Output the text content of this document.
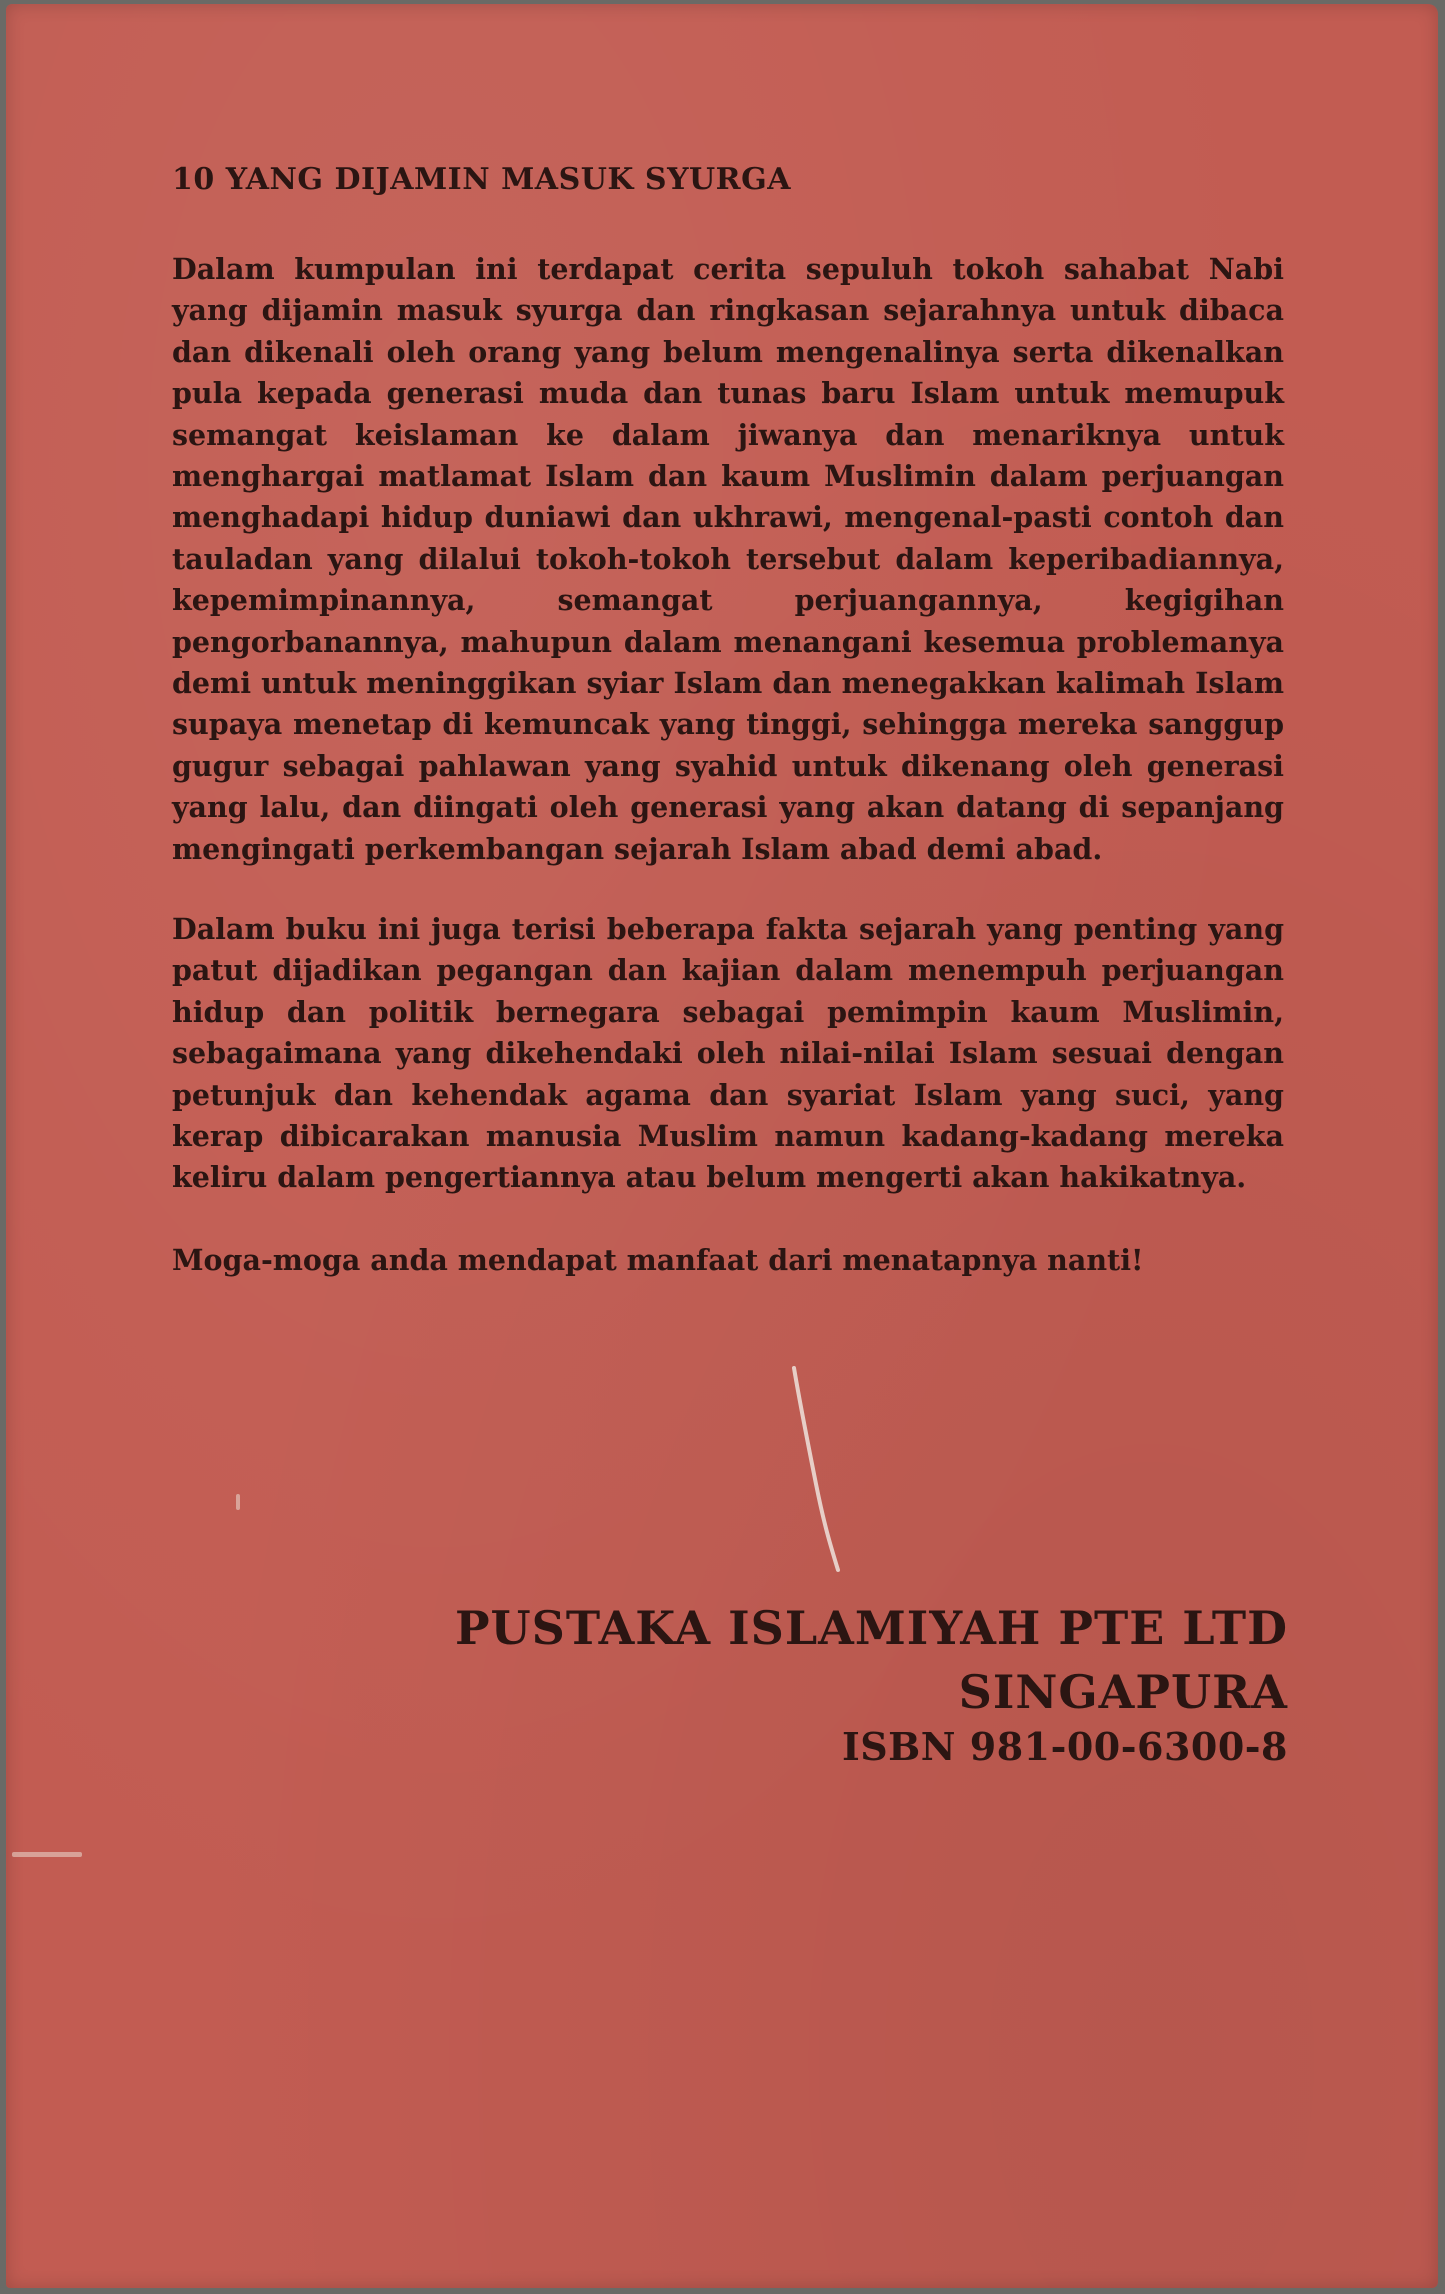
10 YANG DIJAMIN MASUK SYURGA

Dalam kumpulan ini terdapat cerita sepuluh tokoh sahabat Nabi yang dijamin masuk syurga dan ringkasan sejarahnya untuk dibaca dan dikenali oleh orang yang belum mengenalinya serta dikenalkan pula kepada generasi muda dan tunas baru Islam untuk memupuk semangat keislaman ke dalam jiwanya dan menariknya untuk menghargai matlamat Islam dan kaum Muslimin dalam perjuangan menghadapi hidup duniawi dan ukhrawi, mengenal-pasti contoh dan tauladan yang dilalui tokoh-tokoh tersebut dalam keperibadiannya, kepemimpinannya, semangat perjuangannya, kegigihan pengorbanannya, mahupun dalam menangani kesemua problemanya demi untuk meninggikan syiar Islam dan menegakkan kalimah Islam supaya menetap di kemuncak yang tinggi, sehingga mereka sanggup gugur sebagai pahlawan yang syahid untuk dikenang oleh generasi yang lalu, dan diingati oleh generasi yang akan datang di sepanjang mengingati perkembangan sejarah Islam abad demi abad.

Dalam buku ini juga terisi beberapa fakta sejarah yang penting yang patut dijadikan pegangan dan kajian dalam menempuh perjuangan hidup dan politik bernegara sebagai pemimpin kaum Muslimin, sebagaimana yang dikehendaki oleh nilai-nilai Islam sesuai dengan petunjuk dan kehendak agama dan syariat Islam yang suci, yang kerap dibicarakan manusia Muslim namun kadang-kadang mereka keliru dalam pengertiannya atau belum mengerti akan hakikatnya.

Moga-moga anda mendapat manfaat dari menatapnya nanti!

PUSTAKA ISLAMIYAH PTE LTD
SINGAPURA
ISBN 981-00-6300-8
